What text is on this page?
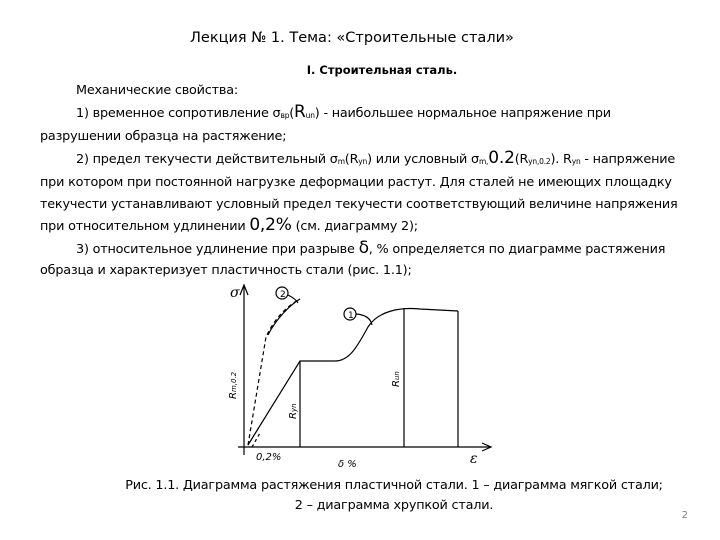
Лекция № 1. Тема: «Строительные стали»
I. Строительная сталь.

Механические свойства:

1) временное сопротивление σвр(Run) - наибольшее нормальное напряжение при разрушении образца на растяжение;

2) предел текучести действительный σm(Ryn) или условный σm,0.2(Ryn,0.2). Ryn - напряжение при котором при постоянной нагрузке деформации растут. Для сталей не имеющих площадку текучести устанавливают условный предел текучести соответствующий величине напряжения при относительном удлинении 0,2% (см. диаграмму 2);

3) относительное удлинение при разрыве δ, % определяется по диаграмме растяжения образца и характеризует пластичность стали (рис. 1.1);

σ
ε
1
2
Rm,0.2
Ryn
Run
0,2%
δ %

Рис. 1.1. Диаграмма растяжения пластичной стали. 1 – диаграмма мягкой стали;

2 – диаграмма хрупкой стали.

2
